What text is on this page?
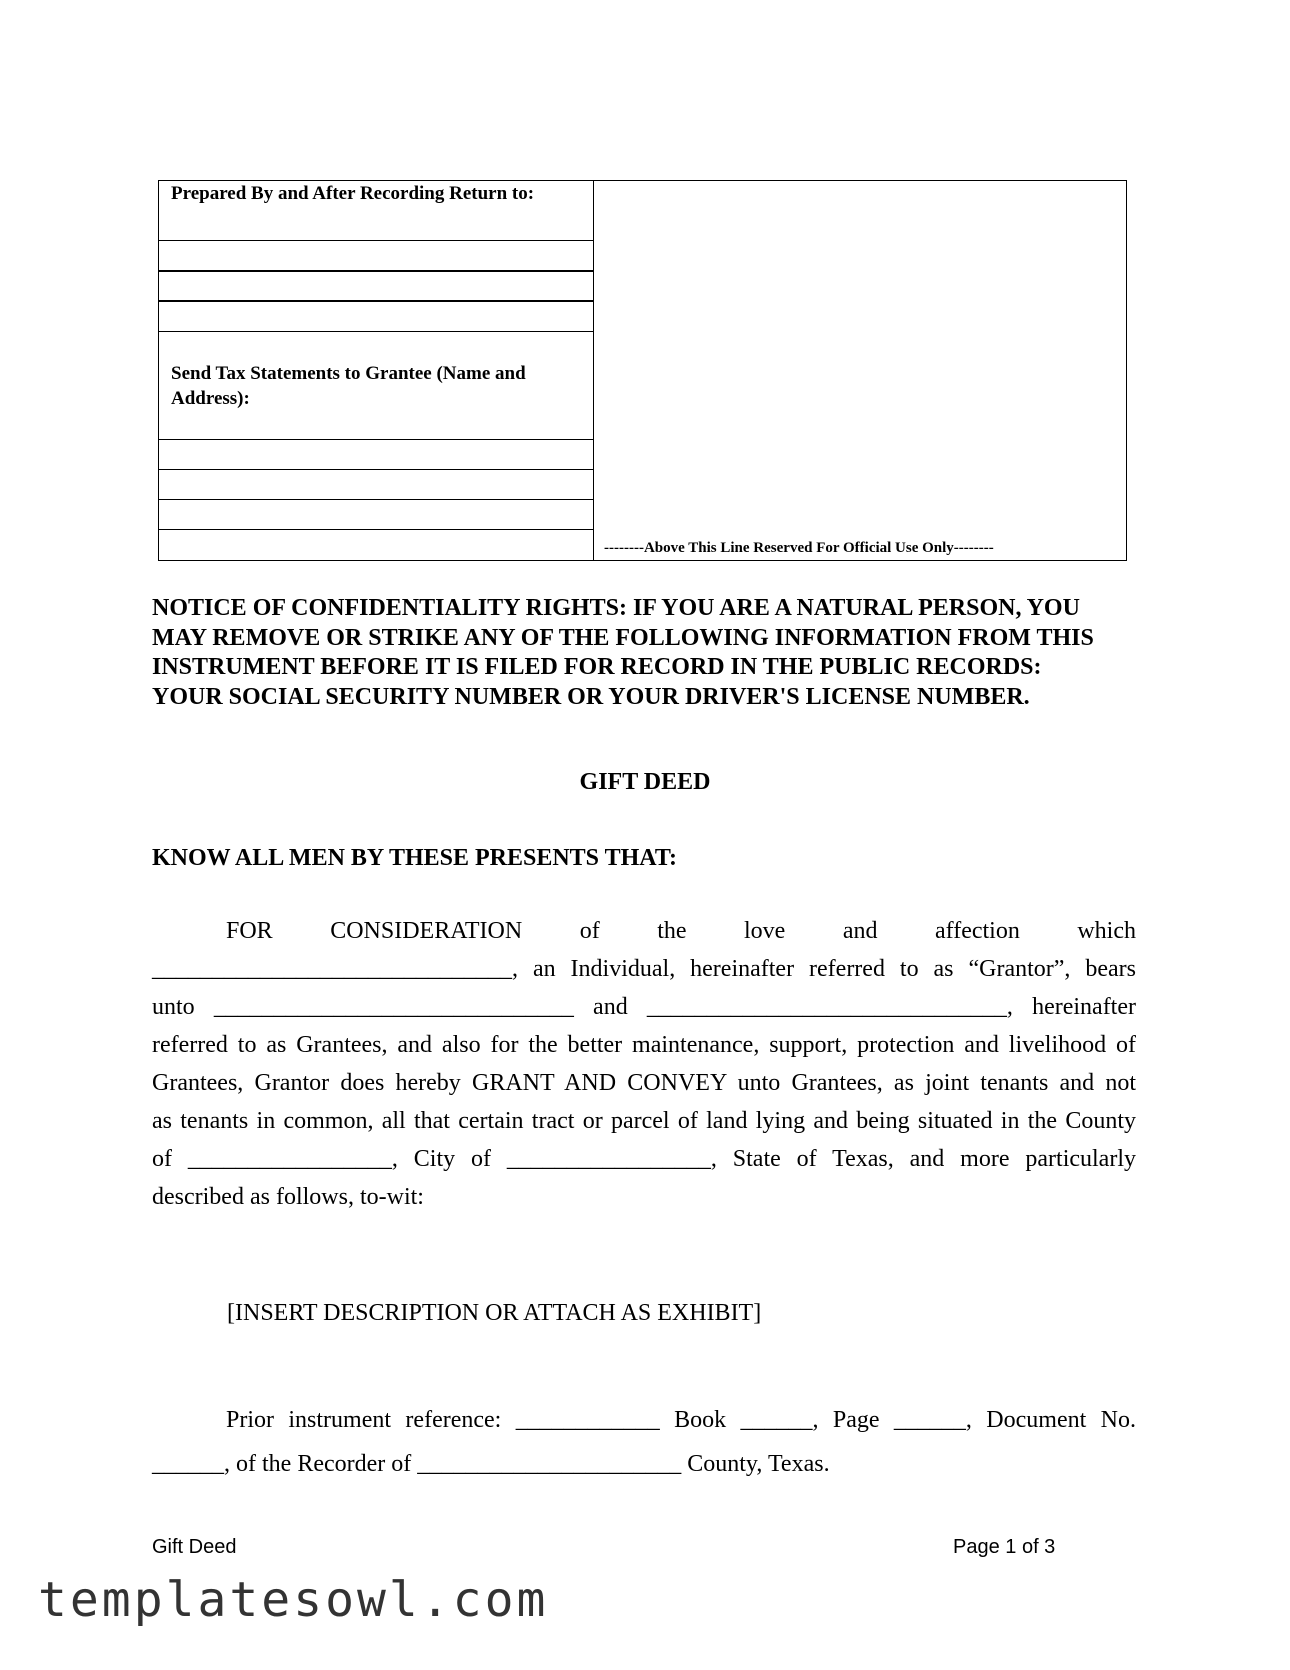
Prepared By and After Recording Return to:
Send Tax Statements to Grantee (Name and
Address):
--------Above This Line Reserved For Official Use Only--------
NOTICE OF CONFIDENTIALITY RIGHTS: IF YOU ARE A NATURAL PERSON, YOU MAY REMOVE OR STRIKE ANY OF THE FOLLOWING INFORMATION FROM THIS INSTRUMENT BEFORE IT IS FILED FOR RECORD IN THE PUBLIC RECORDS: YOUR SOCIAL SECURITY NUMBER OR YOUR DRIVER'S LICENSE NUMBER.
GIFT DEED
KNOW ALL MEN BY THESE PRESENTS THAT:
FOR CONSIDERATION of the love and affection which
______________________________, an Individual, hereinafter referred to as “Grantor”, bears
unto ______________________________ and ______________________________, hereinafter
referred to as Grantees, and also for the better maintenance, support, protection and livelihood of
Grantees, Grantor does hereby GRANT AND CONVEY unto Grantees, as joint tenants and not
as tenants in common, all that certain tract or parcel of land lying and being situated in the County
of _________________, City of _________________, State of Texas, and more particularly
described as follows, to-wit:
[INSERT DESCRIPTION OR ATTACH AS EXHIBIT]
Prior instrument reference: ____________ Book ______, Page ______, Document No.
______, of the Recorder of ______________________ County, Texas.
Gift Deed	Page 1 of 3
templatesowl.com
